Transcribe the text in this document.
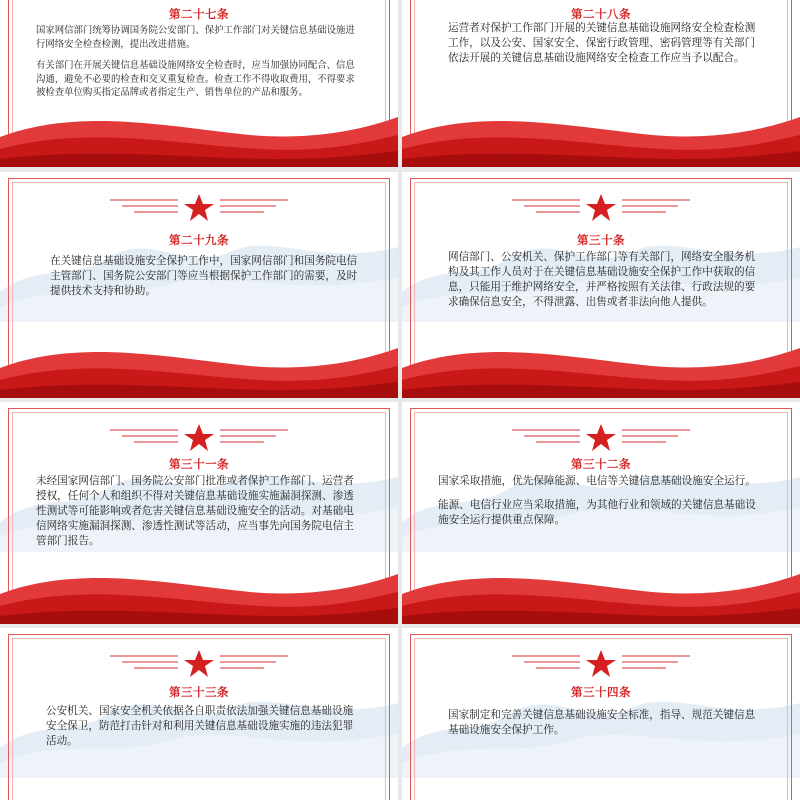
第二十七条

国家网信部门统筹协调国务院公安部门、保护工作部门对关键信息基础设施进行网络安全检查检测，提出改进措施。

有关部门在开展关键信息基础设施网络安全检查时，应当加强协同配合、信息沟通，避免不必要的检查和交叉重复检查。检查工作不得收取费用，不得要求被检查单位购买指定品牌或者指定生产、销售单位的产品和服务。

第二十八条

运营者对保护工作部门开展的关键信息基础设施网络安全检查检测工作，以及公安、国家安全、保密行政管理、密码管理等有关部门依法开展的关键信息基础设施网络安全检查工作应当予以配合。

第二十九条

在关键信息基础设施安全保护工作中，国家网信部门和国务院电信主管部门、国务院公安部门等应当根据保护工作部门的需要，及时提供技术支持和协助。

第三十条

网信部门、公安机关、保护工作部门等有关部门，网络安全服务机构及其工作人员对于在关键信息基础设施安全保护工作中获取的信息，只能用于维护网络安全，并严格按照有关法律、行政法规的要求确保信息安全，不得泄露、出售或者非法向他人提供。

第三十一条

未经国家网信部门、国务院公安部门批准或者保护工作部门、运营者授权，任何个人和组织不得对关键信息基础设施实施漏洞探测、渗透性测试等可能影响或者危害关键信息基础设施安全的活动。对基础电信网络实施漏洞探测、渗透性测试等活动，应当事先向国务院电信主管部门报告。

第三十二条

国家采取措施，优先保障能源、电信等关键信息基础设施安全运行。

能源、电信行业应当采取措施，为其他行业和领域的关键信息基础设施安全运行提供重点保障。

第三十三条

公安机关、国家安全机关依据各自职责依法加强关键信息基础设施安全保卫，防范打击针对和利用关键信息基础设施实施的违法犯罪活动。

第三十四条

国家制定和完善关键信息基础设施安全标准，指导、规范关键信息基础设施安全保护工作。
